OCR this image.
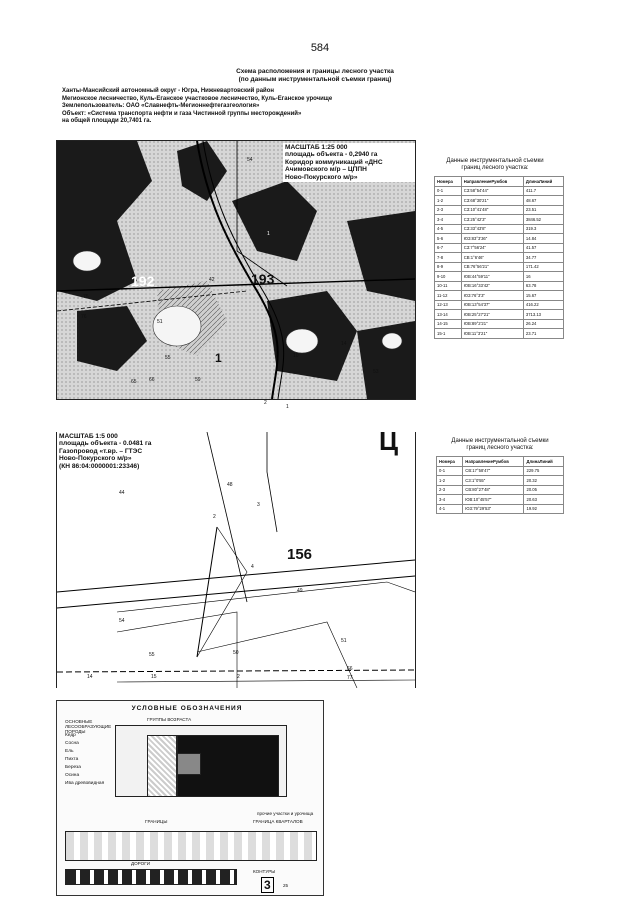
584
Схема расположения и границы лесного участка
(по данным инструментальной съемки границ)
Ханты-Мансийский автономный округ - Югра, Нижневартовский район
Мегионское лесничество, Куль-Еганское участковое лесничество, Куль-Еганское урочище
Землепользователь: ОАО «Славнефть-Мегионнефтегазгеология»
Объект: «Система транспорта нефти и газа Чистинной группы месторождений»
на общей площади 20,7401 га.
МАСШТАБ 1:25 000
площадь объекта - 0,2940 га
Коридор коммуникаций «ДНС
Ачимовского м/р – ЦППН
Ново-Покурского м/р»
192	193
54
75
76
42
51
55
65 66	59
10
14
53
2
1
1
2
1
МАСШТАБ 1:5 000
площадь объекта - 0.0481 га
Газопровод «т.вр. – ГТЭС
Ново-Покурского м/р»
(КН 86:04:0000001:23346)
Ц
156
44
48
3
2
4
49
54
55	50
51
14	15	2	77
66
Данные инструментальной съемки
границ лесного участка:
Номера	НаправлениеРумбов	ДлинаЛиний
0-1	СЗ:58°54'44"	411.7
1-2	СЗ:68°30'21"	48.67
2-3	СЗ:10°41'48"	23.51
3-4	СЗ:25°42'3"	3846.52
4-5	СЗ:33°43'8"	319.3
5-6	ЮЗ:83°3'36"	14.84
6-7	СЗ:7°56'24"	41.57
7-8	СВ:1°6'46"	34.77
8-9	СВ:76°56'21"	171.42
9-10	ЮВ:44°59'11"	16
10-11	ЮВ:16°33'42"	63.78
11-12	ЮЗ:76°3'3"	15.67
12-13	ЮВ:13°54'37"	416.22
13-14	ЮВ:25°27'21"	3713.13
14-15	ЮВ:89°2'21"	26.24
15-1	ЮВ:11°3'21"	23.71
Данные инструментальной съемки
границ лесного участка:
Номера	НаправлениеРумбов	ДлинаЛиний
0-1	СВ:17°58'47"	229.75
1-2	СЗ:1°0'55"	20.32
2-3	СВ:80°27'48"	20.05
3-4	ЮВ:10°45'57"	20.63
4-1	ЮЗ:79°29'53"	19.92
УСЛОВНЫЕ ОБОЗНАЧЕНИЯ
ОСНОВНЫЕ ЛЕСООБРАЗУЮЩИЕ ПОРОДЫ
ГРУППЫ ВОЗРАСТА
Кедр
Сосна
Ель
Пихта
Береза
Осина
Ива древовидная
прочие участки и урочища
ГРАНИЦЫ	ГРАНИЦА КВАРТАЛОВ
ДОРОГИ
КОНТУРЫ
3	25
